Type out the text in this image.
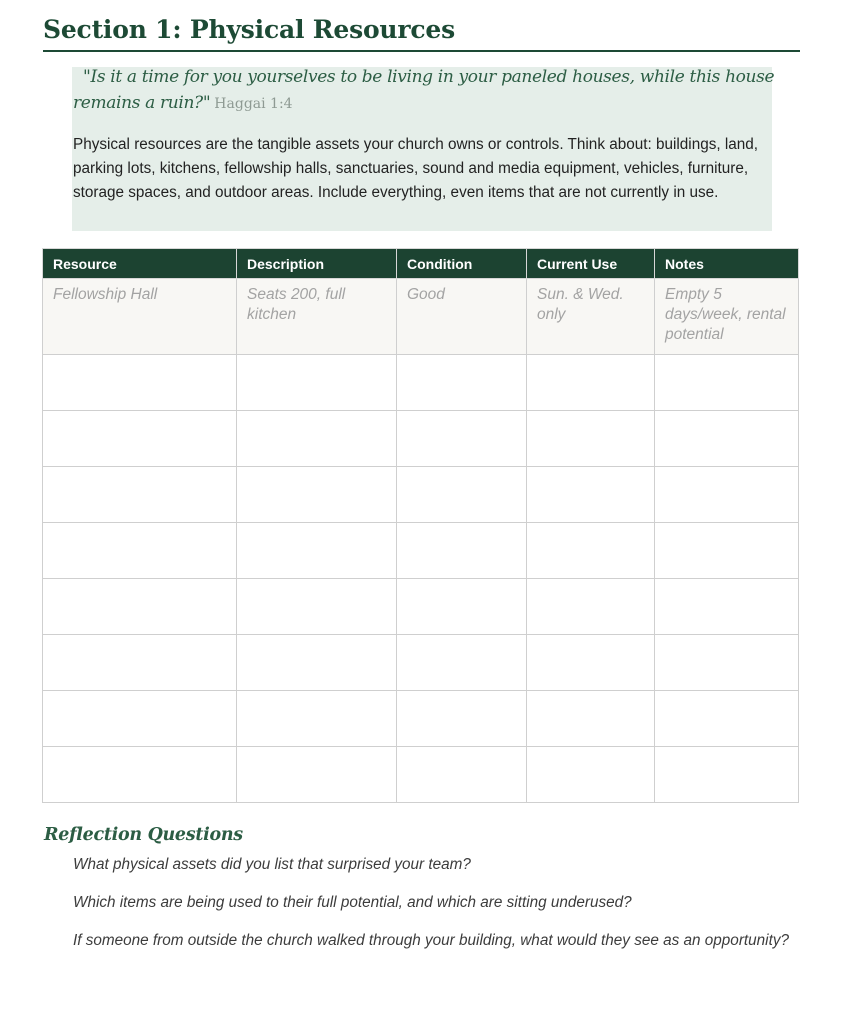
Section 1: Physical Resources
"Is it a time for you yourselves to be living in your paneled houses, while this house
remains a ruin?" Haggai 1:4

Physical resources are the tangible assets your church owns or controls. Think about: buildings, land, parking lots, kitchens, fellowship halls, sanctuaries, sound and media equipment, vehicles, furniture, storage spaces, and outdoor areas. Include everything, even items that are not currently in use.

Resource	Description	Condition	Current Use	Notes
Fellowship Hall	Seats 200, full kitchen	Good	Sun. & Wed. only	Empty 5 days/week, rental potential

Reflection Questions

What physical assets did you list that surprised your team?

Which items are being used to their full potential, and which are sitting underused?

If someone from outside the church walked through your building, what would they see as an opportunity?
